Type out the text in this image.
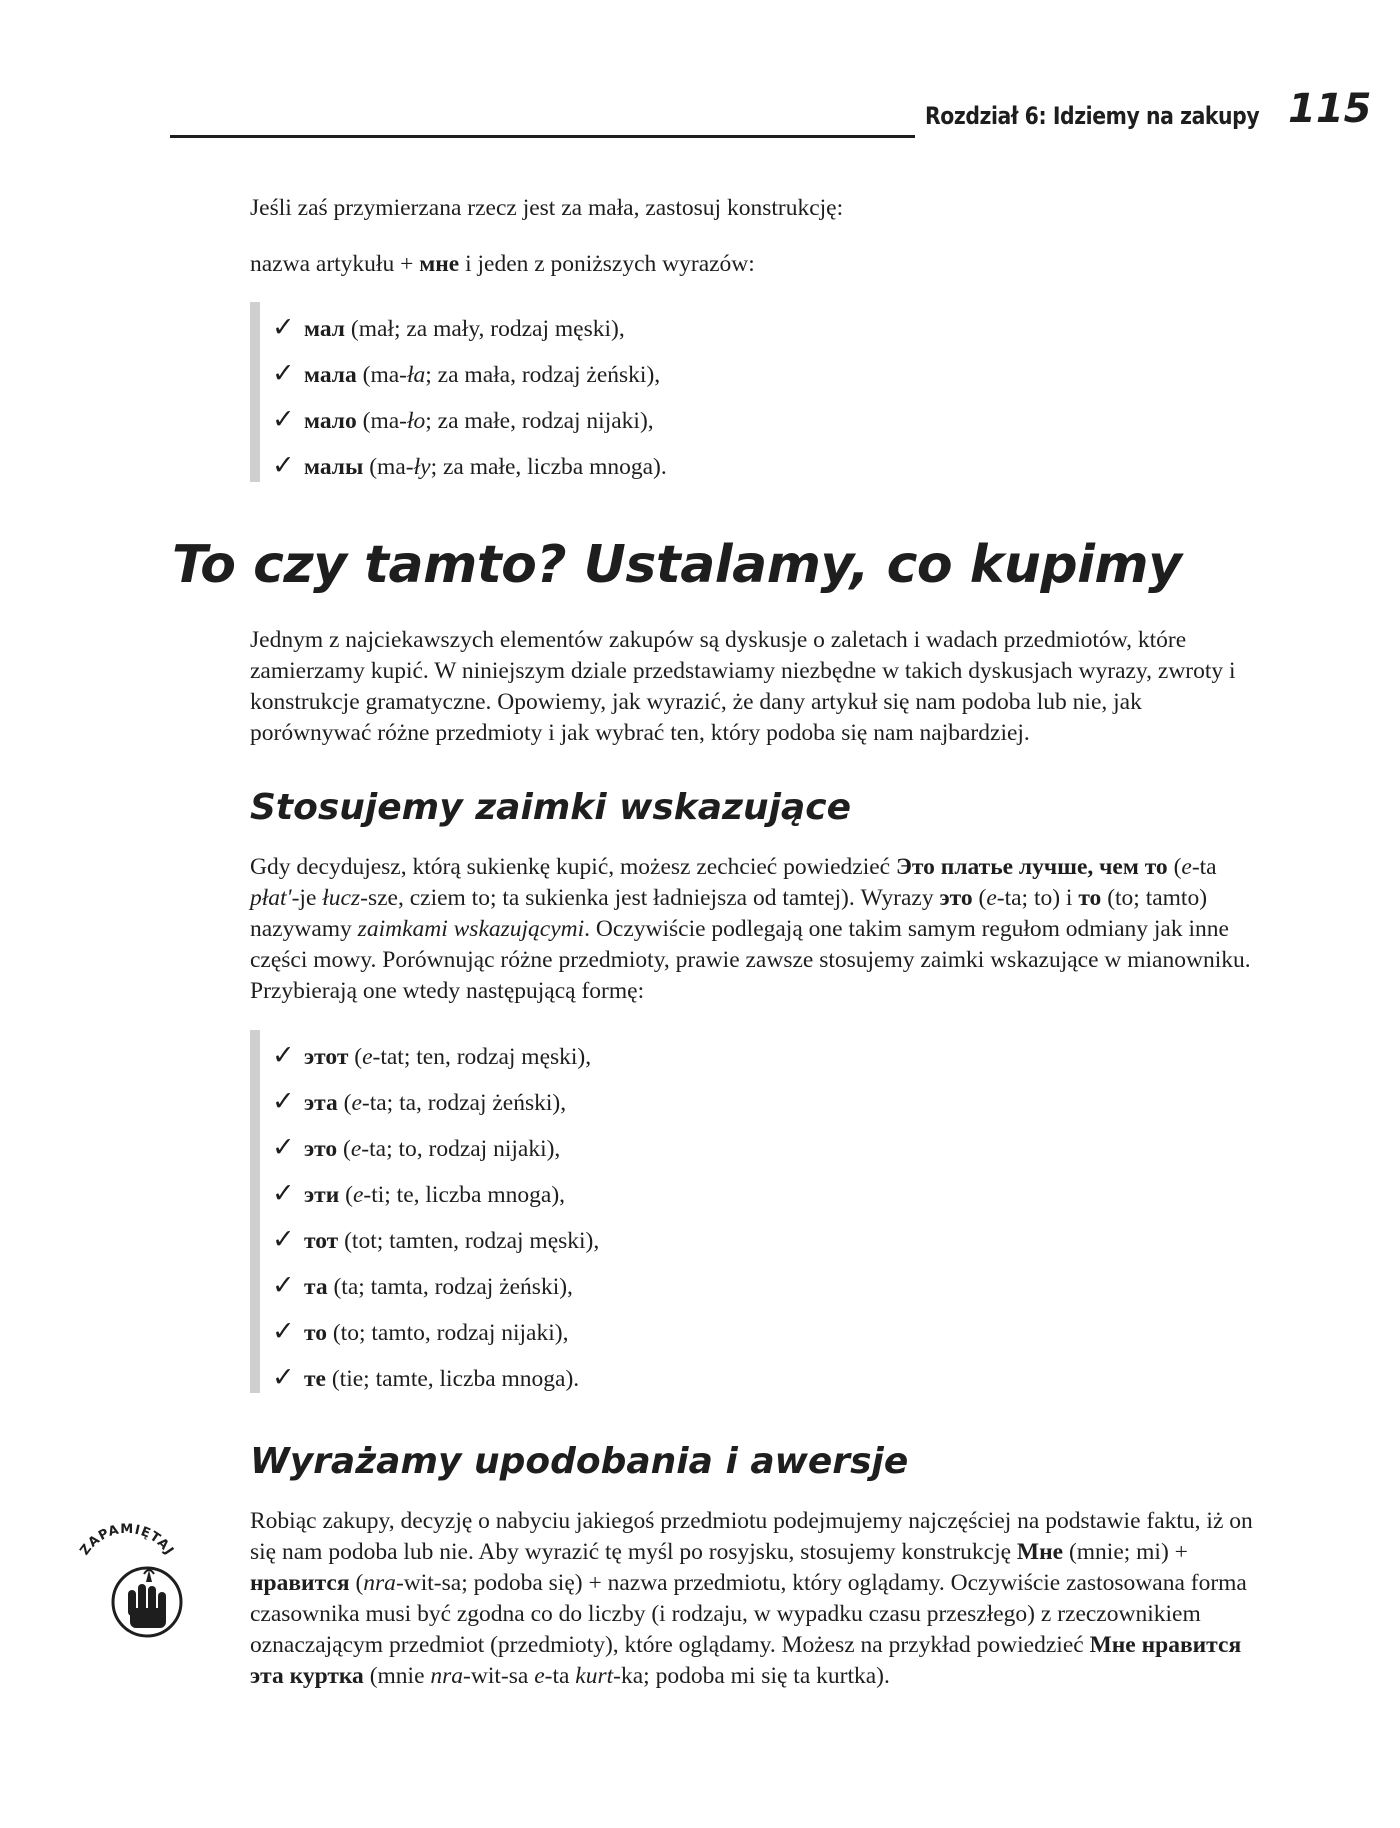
Rozdział 6: Idziemy na zakupy 115

Jeśli zaś przymierzana rzecz jest za mała, zastosuj konstrukcję:

nazwa artykułu + мне i jeden z poniższych wyrazów:

✓ мал (mał; za mały, rodzaj męski),
✓ мала (ma-ła; za mała, rodzaj żeński),
✓ мало (ma-ło; za małe, rodzaj nijaki),
✓ малы (ma-ły; za małe, liczba mnoga).
To czy tamto? Ustalamy, co kupimy

Jednym z najciekawszych elementów zakupów są dyskusje o zaletach i wadach przedmiotów, które zamierzamy kupić. W niniejszym dziale przedstawiamy niezbędne w takich dyskusjach wyrazy, zwroty i konstrukcje gramatyczne. Opowiemy, jak wyrazić, że dany artykuł się nam podoba lub nie, jak porównywać różne przedmioty i jak wybrać ten, który podoba się nam najbardziej.

Stosujemy zaimki wskazujące

Gdy decydujesz, którą sukienkę kupić, możesz zechcieć powiedzieć Это платье лучше, чем то (e-ta płat'-je łucz-sze, cziem to; ta sukienka jest ładniejsza od tamtej). Wyrazy это (e-ta; to) i то (to; tamto) nazywamy zaimkami wskazującymi. Oczywiście podlegają one takim samym regułom odmiany jak inne części mowy. Porównując różne przedmioty, prawie zawsze stosujemy zaimki wskazujące w mianowniku. Przybierają one wtedy następującą formę:

✓ этот (e-tat; ten, rodzaj męski),
✓ эта (e-ta; ta, rodzaj żeński),
✓ это (e-ta; to, rodzaj nijaki),
✓ эти (e-ti; te, liczba mnoga),
✓ тот (tot; tamten, rodzaj męski),
✓ та (ta; tamta, rodzaj żeński),
✓ то (to; tamto, rodzaj nijaki),
✓ те (tie; tamte, liczba mnoga).
Wyrażamy upodobania i awersje
ZAPAMIĘTAJ

Robiąc zakupy, decyzję o nabyciu jakiegoś przedmiotu podejmujemy najczęściej na podstawie faktu, iż on się nam podoba lub nie. Aby wyrazić tę myśl po rosyjsku, stosujemy konstrukcję Мне (mnie; mi) + нравится (nra-wit-sa; podoba się) + nazwa przedmiotu, który oglądamy. Oczywiście zastosowana forma czasownika musi być zgodna co do liczby (i rodzaju, w wypadku czasu przeszłego) z rzeczownikiem oznaczającym przedmiot (przedmioty), które oglądamy. Możesz na przykład powiedzieć Мне нравится эта куртка (mnie nra-wit-sa e-ta kurt-ka; podoba mi się ta kurtka).
